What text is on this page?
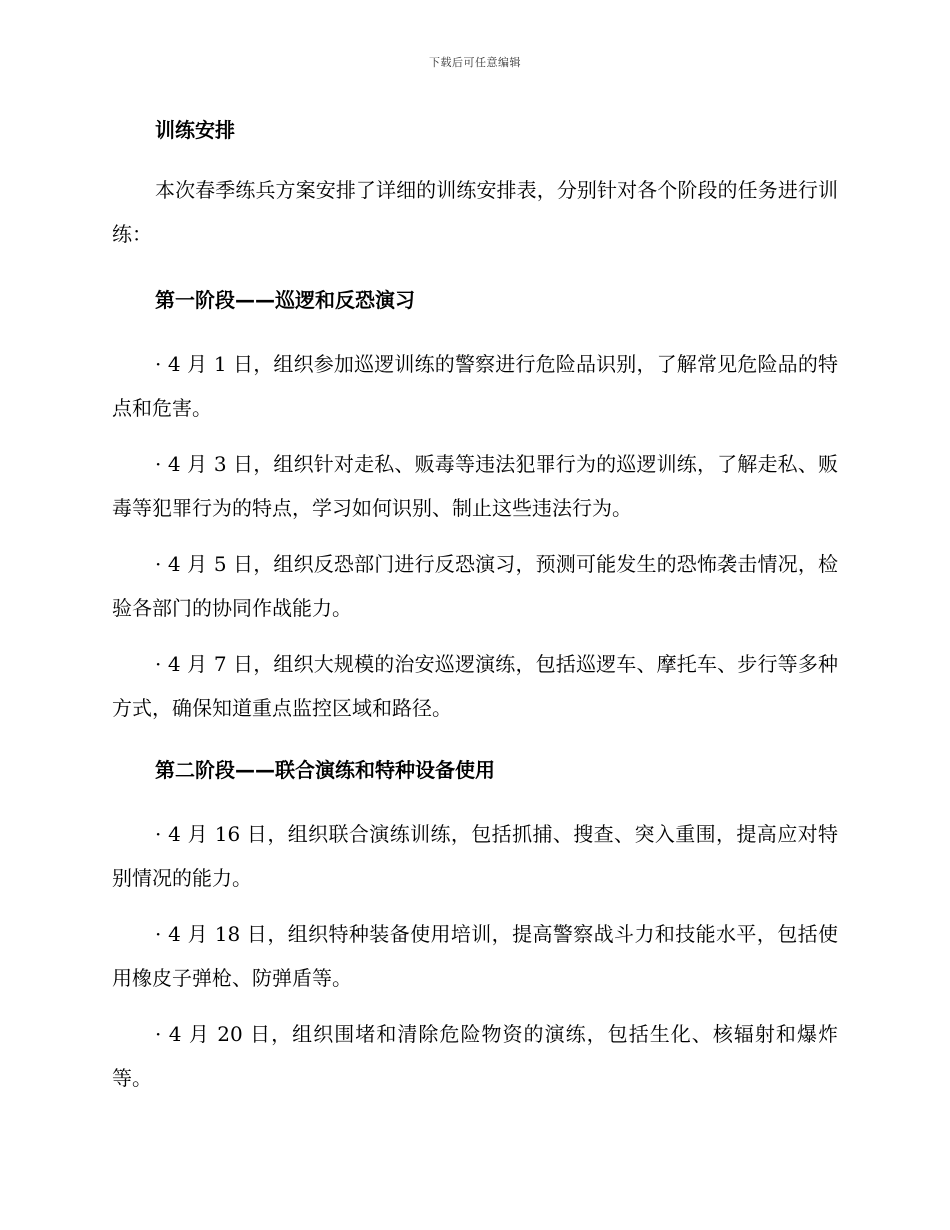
下载后可任意编辑

训练安排

本次春季练兵方案安排了详细的训练安排表，分别针对各个阶段的任务进行训练：

第一阶段——巡逻和反恐演习

· 4 月 1 日，组织参加巡逻训练的警察进行危险品识别，了解常见危险品的特点和危害。

· 4 月 3 日，组织针对走私、贩毒等违法犯罪行为的巡逻训练，了解走私、贩毒等犯罪行为的特点，学习如何识别、制止这些违法行为。

· 4 月 5 日，组织反恐部门进行反恐演习，预测可能发生的恐怖袭击情况，检验各部门的协同作战能力。

· 4 月 7 日，组织大规模的治安巡逻演练，包括巡逻车、摩托车、步行等多种方式，确保知道重点监控区域和路径。

第二阶段——联合演练和特种设备使用

· 4 月 16 日，组织联合演练训练，包括抓捕、搜查、突入重围，提高应对特别情况的能力。

· 4 月 18 日，组织特种装备使用培训，提高警察战斗力和技能水平，包括使用橡皮子弹枪、防弹盾等。

· 4 月 20 日，组织围堵和清除危险物资的演练，包括生化、核辐射和爆炸等。
